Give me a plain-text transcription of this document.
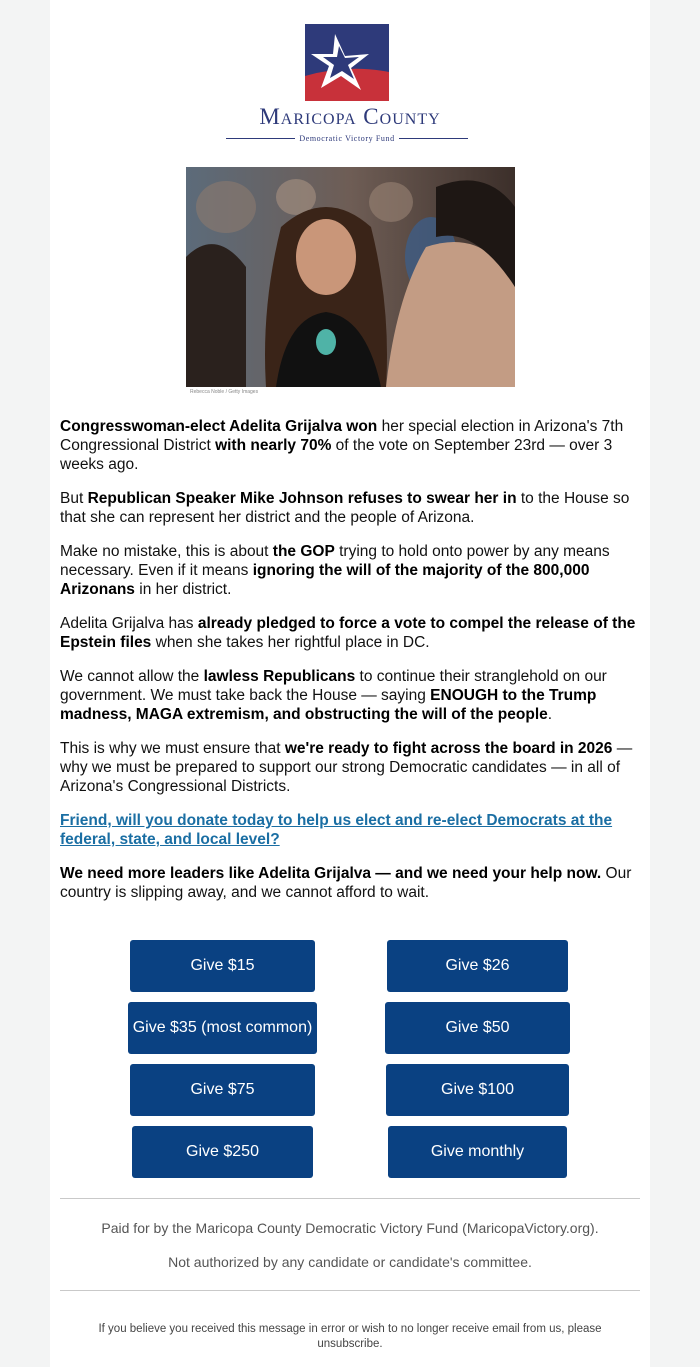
Maricopa County
Democratic Victory Fund
Rebecca Noble / Getty Images

Congresswoman-elect Adelita Grijalva won her special election in Arizona's 7th Congressional District with nearly 70% of the vote on September 23rd — over 3 weeks ago.

But Republican Speaker Mike Johnson refuses to swear her in to the House so that she can represent her district and the people of Arizona.

Make no mistake, this is about the GOP trying to hold onto power by any means necessary. Even if it means ignoring the will of the majority of the 800,000 Arizonans in her district.

Adelita Grijalva has already pledged to force a vote to compel the release of the Epstein files when she takes her rightful place in DC.

We cannot allow the lawless Republicans to continue their stranglehold on our government. We must take back the House — saying ENOUGH to the Trump madness, MAGA extremism, and obstructing the will of the people.

This is why we must ensure that we're ready to fight across the board in 2026 — why we must be prepared to support our strong Democratic candidates — in all of Arizona's Congressional Districts.

Friend, will you donate today to help us elect and re-elect Democrats at the federal, state, and local level?

We need more leaders like Adelita Grijalva — and we need your help now. Our country is slipping away, and we cannot afford to wait.

Give $15	Give $26
Give $35 (most common)	Give $50
Give $75	Give $100
Give $250	Give monthly
Paid for by the Maricopa County Democratic Victory Fund (MaricopaVictory.org).
Not authorized by any candidate or candidate's committee.
If you believe you received this message in error or wish to no longer receive email from us, please unsubscribe.
